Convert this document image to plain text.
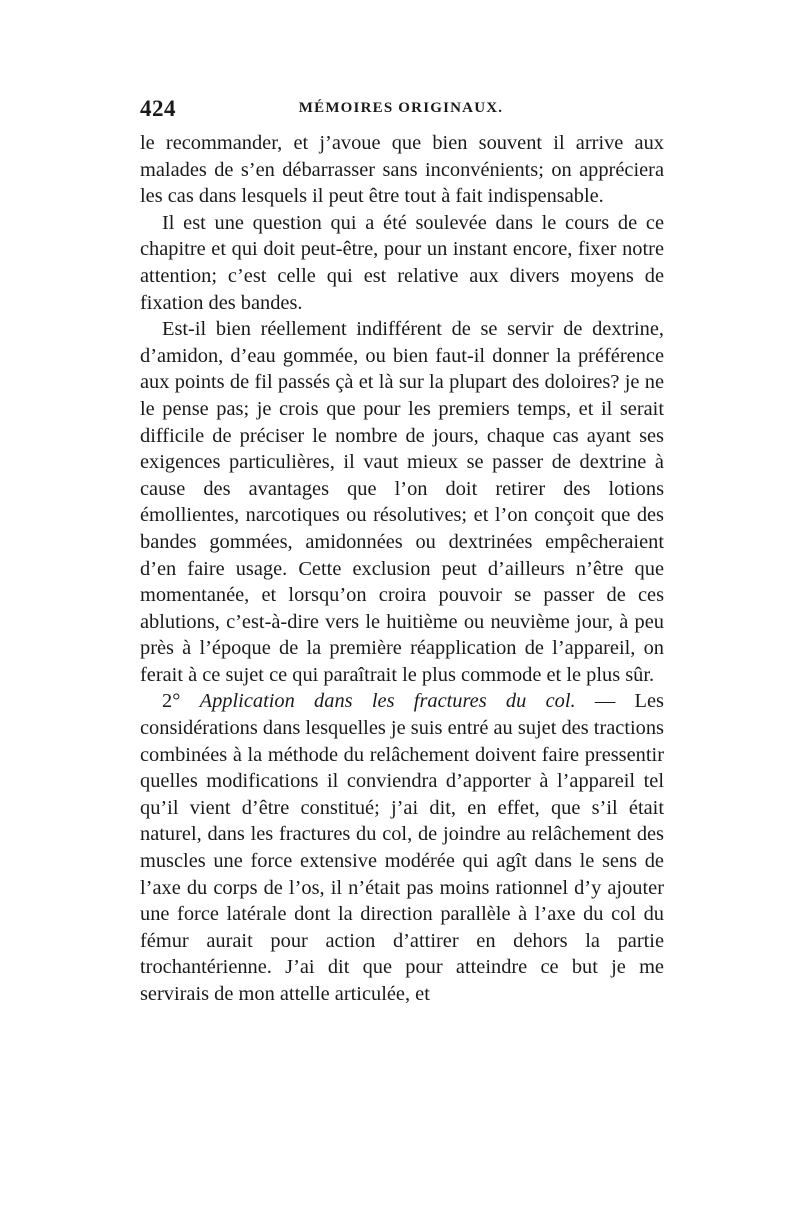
424	MÉMOIRES ORIGINAUX.

le recommander, et j’avoue que bien souvent il arrive aux malades de s’en débarrasser sans inconvénients; on appréciera les cas dans lesquels il peut être tout à fait indispensable.

Il est une question qui a été soulevée dans le cours de ce chapitre et qui doit peut-être, pour un instant encore, fixer notre attention; c’est celle qui est relative aux divers moyens de fixation des bandes.

Est-il bien réellement indifférent de se servir de dextrine, d’amidon, d’eau gommée, ou bien faut-il donner la préférence aux points de fil passés çà et là sur la plupart des doloires? je ne le pense pas; je crois que pour les premiers temps, et il serait difficile de préciser le nombre de jours, chaque cas ayant ses exigences particulières, il vaut mieux se passer de dextrine à cause des avantages que l’on doit retirer des lotions émollientes, narcotiques ou résolutives; et l’on conçoit que des bandes gommées, amidonnées ou dextrinées empêcheraient d’en faire usage. Cette exclusion peut d’ailleurs n’être que momentanée, et lorsqu’on croira pouvoir se passer de ces ablutions, c’est-à-dire vers le huitième ou neuvième jour, à peu près à l’époque de la première réapplication de l’appareil, on ferait à ce sujet ce qui paraîtrait le plus commode et le plus sûr.

2° Application dans les fractures du col. — Les considérations dans lesquelles je suis entré au sujet des tractions combinées à la méthode du relâchement doivent faire pressentir quelles modifications il conviendra d’apporter à l’appareil tel qu’il vient d’être constitué; j’ai dit, en effet, que s’il était naturel, dans les fractures du col, de joindre au relâchement des muscles une force extensive modérée qui agît dans le sens de l’axe du corps de l’os, il n’était pas moins rationnel d’y ajouter une force latérale dont la direction parallèle à l’axe du col du fémur aurait pour action d’attirer en dehors la partie trochantérienne. J’ai dit que pour atteindre ce but je me servirais de mon attelle articulée, et
